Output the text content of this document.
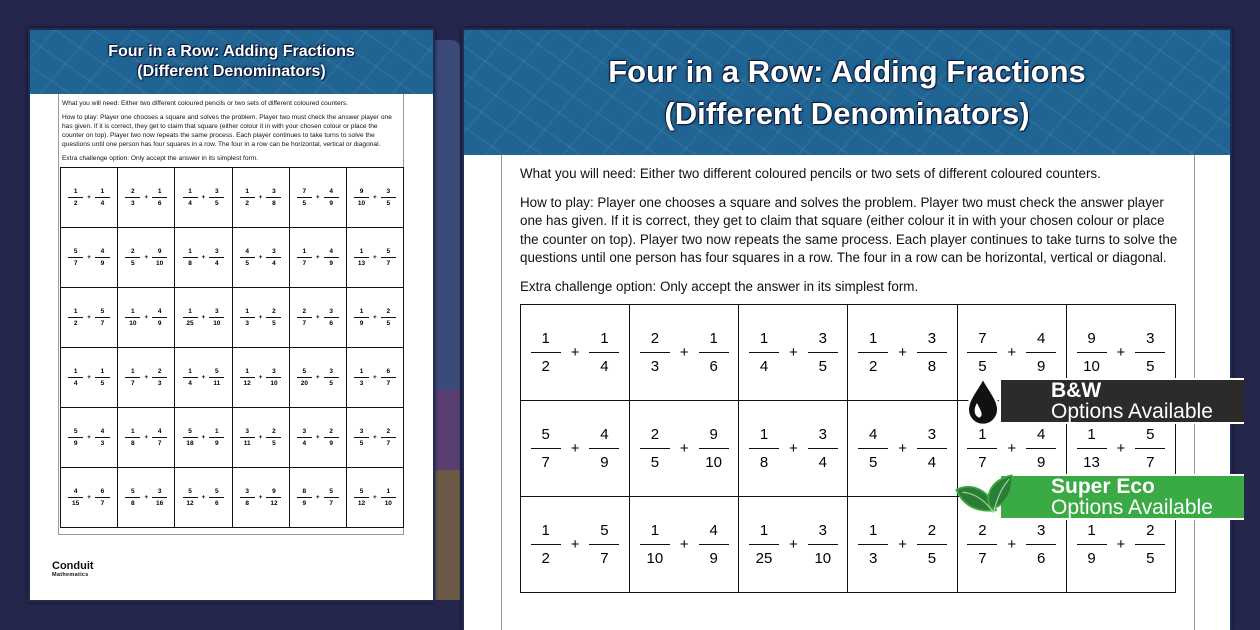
Four in a Row: Adding Fractions
(Different Denominators)

What you will need: Either two different coloured pencils or two sets of different coloured counters.

How to play: Player one chooses a square and solves the problem. Player two must check the answer player one has given. If it is correct, they get to claim that square (either colour it in with your chosen colour or place the counter on top). Player two now repeats the same process. Each player continues to take turns to solve the questions until one person has four squares in a row. The four in a row can be horizontal, vertical or diagonal.

Extra challenge option: Only accept the answer in its simplest form.

$\frac{1}{2} + \frac{1}{4} \frac{2}{3} + \frac{1}{6} \frac{1}{4} + \frac{3}{5} \frac{1}{2} + \frac{3}{8} \frac{7}{5} + \frac{4}{9} \frac{9}{10} + \frac{3}{5}$
$\frac{5}{7} + \frac{4}{9} \frac{2}{5} + \frac{9}{10} \frac{1}{8} + \frac{3}{4} \frac{4}{5} + \frac{3}{4} \frac{1}{7} + \frac{4}{9} \frac{1}{13} + \frac{5}{7}$
$\frac{1}{2} + \frac{5}{7} \frac{1}{10} + \frac{4}{9} \frac{1}{25} + \frac{3}{10} \frac{1}{3} + \frac{2}{5} \frac{2}{7} + \frac{3}{6} \frac{1}{9} + \frac{2}{5}$
$\frac{1}{4} + \frac{1}{5} \frac{1}{7} + \frac{2}{3} \frac{1}{4} + \frac{5}{11} \frac{1}{12} + \frac{3}{10} \frac{5}{20} + \frac{3}{5} \frac{1}{3} + \frac{6}{7}$
$\frac{5}{9} + \frac{4}{3} \frac{1}{8} + \frac{4}{7} \frac{5}{18} + \frac{1}{9} \frac{3}{11} + \frac{2}{5} \frac{3}{4} + \frac{2}{9} \frac{3}{5} + \frac{2}{7}$
$\frac{4}{15} + \frac{6}{7} \frac{5}{8} + \frac{3}{16} \frac{5}{12} + \frac{5}{6} \frac{3}{8} + \frac{9}{12} \frac{8}{9} + \frac{5}{7} \frac{5}{12} + \frac{1}{10}$
Conduit
Mathematics
Four in a Row: Adding Fractions
(Different Denominators)

What you will need: Either two different coloured pencils or two sets of different coloured counters.

How to play: Player one chooses a square and solves the problem. Player two must check the answer player one has given. If it is correct, they get to claim that square (either colour it in with your chosen colour or place the counter on top). Player two now repeats the same process. Each player continues to take turns to solve the questions until one person has four squares in a row. The four in a row can be horizontal, vertical or diagonal.

Extra challenge option: Only accept the answer in its simplest form.

B&W
Options Available
Super Eco
Options Available
$\frac{1}{2} + \frac{1}{4} \frac{2}{3} + \frac{1}{6} \frac{1}{4} + \frac{3}{5} \frac{1}{2} + \frac{3}{8} \frac{7}{5} + \frac{4}{9} \frac{9}{10} + \frac{3}{5}$
$\frac{5}{7} + \frac{4}{9} \frac{2}{5} + \frac{9}{10} \frac{1}{8} + \frac{3}{4} \frac{4}{5} + \frac{3}{4} \frac{1}{7} + \frac{4}{9} \frac{1}{13} + \frac{5}{7}$
$\frac{1}{2} + \frac{5}{7} \frac{1}{10} + \frac{4}{9} \frac{1}{25} + \frac{3}{10} \frac{1}{3} + \frac{2}{5} \frac{2}{7} + \frac{3}{6} \frac{1}{9} + \frac{2}{5}$
